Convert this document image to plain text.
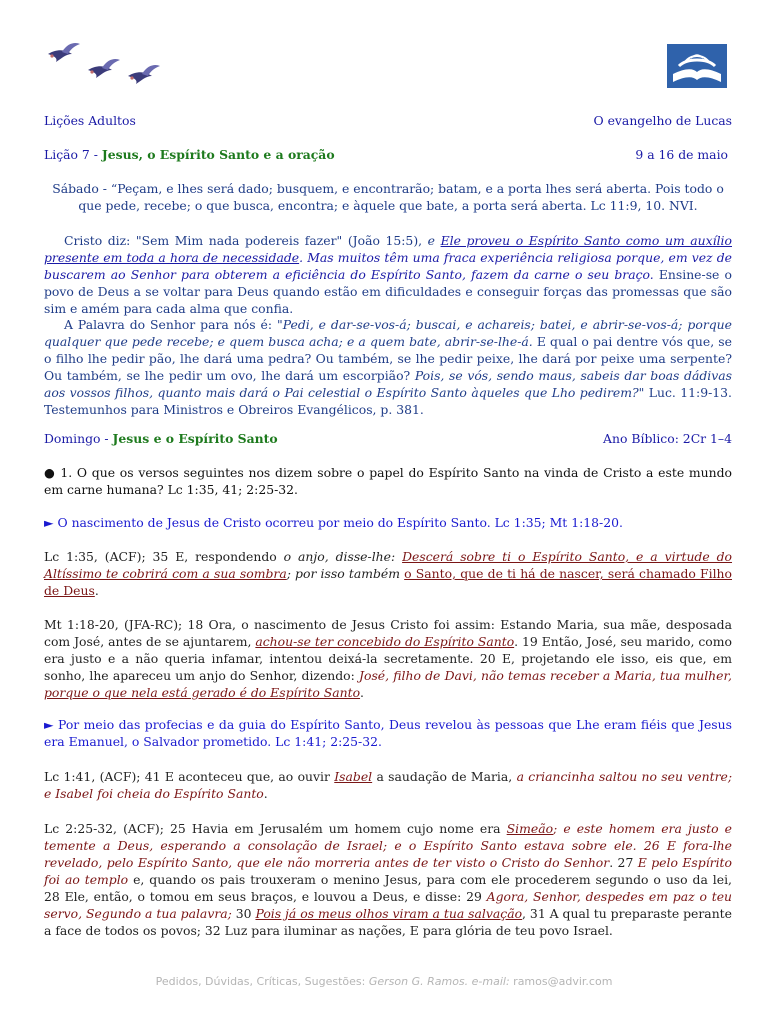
Lições Adultos	O evangelho de Lucas
Lição 7 - Jesus, o Espírito Santo e a oração	9 a 16 de maio
Sábado - “Peçam, e lhes será dado; busquem, e encontrarão; batam, e a porta lhes será aberta. Pois todo o que pede, recebe; o que busca, encontra; e àquele que bate, a porta será aberta. Lc 11:9, 10. NVI.
Cristo diz: "Sem Mim nada podereis fazer" (João 15:5), e Ele proveu o Espírito Santo como um auxílio presente em toda a hora de necessidade. Mas muitos têm uma fraca experiência religiosa porque, em vez de buscarem ao Senhor para obterem a eficiência do Espírito Santo, fazem da carne o seu braço. Ensine-se o povo de Deus a se voltar para Deus quando estão em dificuldades e conseguir forças das promessas que são sim e amém para cada alma que confia.
A Palavra do Senhor para nós é: "Pedi, e dar-se-vos-á; buscai, e achareis; batei, e abrir-se-vos-á; porque qualquer que pede recebe; e quem busca acha; e a quem bate, abrir-se-lhe-á. E qual o pai dentre vós que, se o filho lhe pedir pão, lhe dará uma pedra? Ou também, se lhe pedir peixe, lhe dará por peixe uma serpente? Ou também, se lhe pedir um ovo, lhe dará um escorpião? Pois, se vós, sendo maus, sabeis dar boas dádivas aos vossos filhos, quanto mais dará o Pai celestial o Espírito Santo àqueles que Lho pedirem?" Luc. 11:9-13. Testemunhos para Ministros e Obreiros Evangélicos, p. 381.
Domingo - Jesus e o Espírito Santo	Ano Bíblico: 2Cr 1–4
● 1. O que os versos seguintes nos dizem sobre o papel do Espírito Santo na vinda de Cristo a este mundo em carne humana? Lc 1:35, 41; 2:25-32.
► O nascimento de Jesus de Cristo ocorreu por meio do Espírito Santo. Lc 1:35; Mt 1:18-20.
Lc 1:35, (ACF); 35 E, respondendo o anjo, disse-lhe: Descerá sobre ti o Espírito Santo, e a virtude do Altíssimo te cobrirá com a sua sombra; por isso também o Santo, que de ti há de nascer, será chamado Filho de Deus.
Mt 1:18-20, (JFA-RC); 18 Ora, o nascimento de Jesus Cristo foi assim: Estando Maria, sua mãe, desposada com José, antes de se ajuntarem, achou-se ter concebido do Espírito Santo. 19 Então, José, seu marido, como era justo e a não queria infamar, intentou deixá-la secretamente. 20 E, projetando ele isso, eis que, em sonho, lhe apareceu um anjo do Senhor, dizendo: José, filho de Davi, não temas receber a Maria, tua mulher, porque o que nela está gerado é do Espírito Santo.
► Por meio das profecias e da guia do Espírito Santo, Deus revelou às pessoas que Lhe eram fiéis que Jesus era Emanuel, o Salvador prometido. Lc 1:41; 2:25-32.
Lc 1:41, (ACF); 41 E aconteceu que, ao ouvir Isabel a saudação de Maria, a criancinha saltou no seu ventre; e Isabel foi cheia do Espírito Santo.
Lc 2:25-32, (ACF); 25 Havia em Jerusalém um homem cujo nome era Simeão; e este homem era justo e temente a Deus, esperando a consolação de Israel; e o Espírito Santo estava sobre ele. 26 E fora-lhe revelado, pelo Espírito Santo, que ele não morreria antes de ter visto o Cristo do Senhor. 27 E pelo Espírito foi ao templo e, quando os pais trouxeram o menino Jesus, para com ele procederem segundo o uso da lei, 28 Ele, então, o tomou em seus braços, e louvou a Deus, e disse: 29 Agora, Senhor, despedes em paz o teu servo, Segundo a tua palavra; 30 Pois já os meus olhos viram a tua salvação, 31 A qual tu preparaste perante a face de todos os povos; 32 Luz para iluminar as nações, E para glória de teu povo Israel.
Pedidos, Dúvidas, Críticas, Sugestões: Gerson G. Ramos. e-mail: ramos@advir.com
